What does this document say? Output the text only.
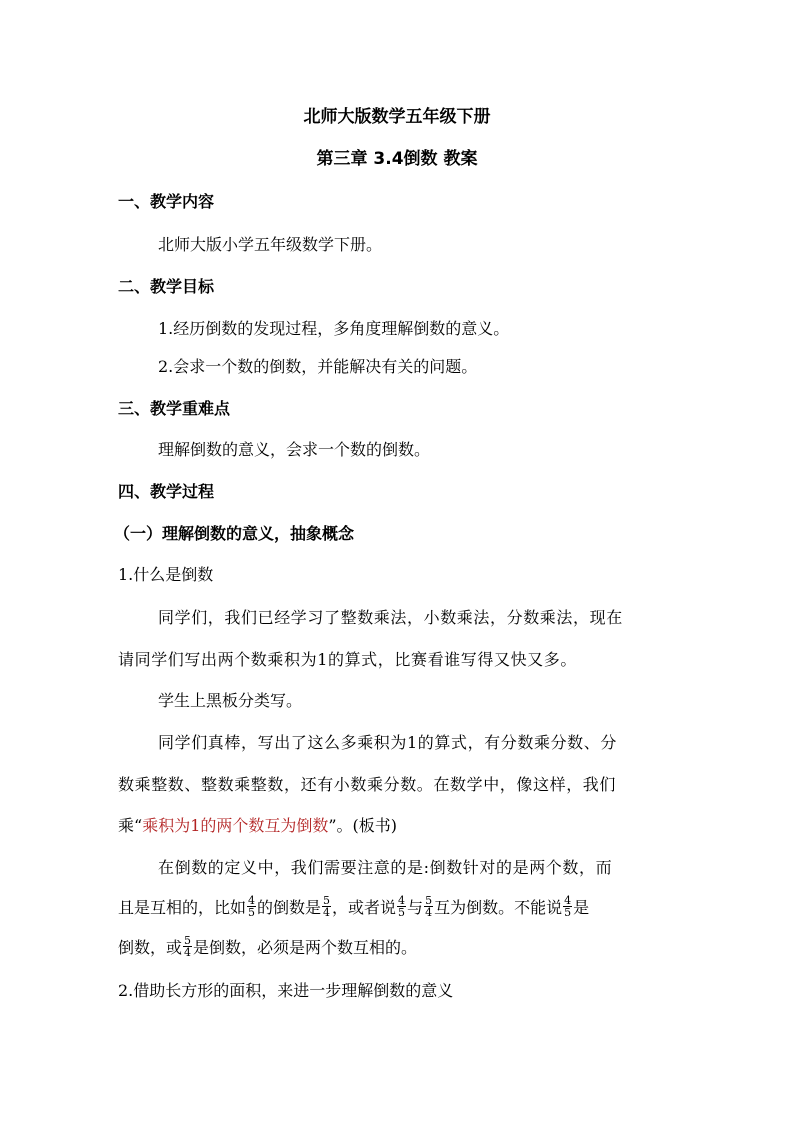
北师大版数学五年级下册
第三章 3.4倒数 教案
一、教学内容
北师大版小学五年级数学下册。
二、教学目标
1.经历倒数的发现过程，多角度理解倒数的意义。
2.会求一个数的倒数，并能解决有关的问题。
三、教学重难点
理解倒数的意义，会求一个数的倒数。
四、教学过程
（一）理解倒数的意义，抽象概念
1.什么是倒数
同学们，我们已经学习了整数乘法，小数乘法，分数乘法，现在
请同学们写出两个数乘积为1的算式，比赛看谁写得又快又多。
学生上黑板分类写。
同学们真棒，写出了这么多乘积为1的算式，有分数乘分数、分
数乘整数、整数乘整数，还有小数乘分数。在数学中，像这样，我们
乘“乘积为1的两个数互为倒数”。(板书)
在倒数的定义中，我们需要注意的是:倒数针对的是两个数，而
且是互相的，比如 $\frac{4}{5}$ 的倒数是 $\frac{5}{4}$ ，或者说 $\frac{4}{5}$ 与 $\frac{5}{4}$ 互为倒数。不能说 $\frac{4}{5}$ 是
倒数，或 $\frac{5}{4}$ 是倒数，必须是两个数互相的。
2.借助长方形的面积，来进一步理解倒数的意义
